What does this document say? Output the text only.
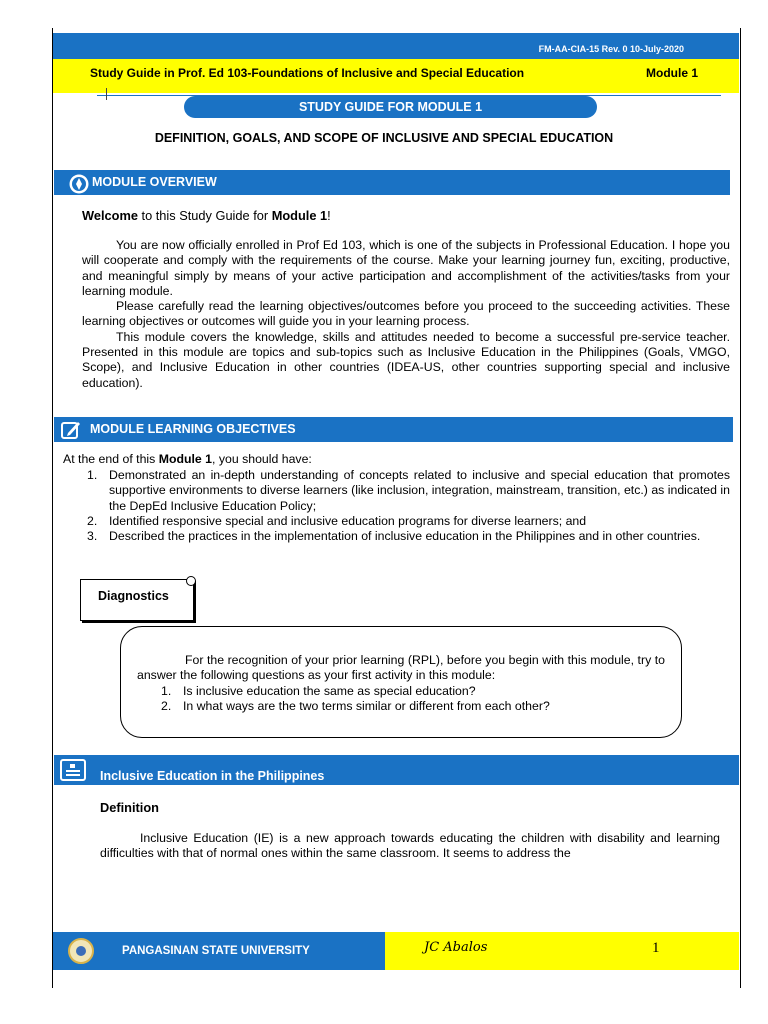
FM-AA-CIA-15 Rev. 0 10-July-2020
Study Guide in Prof. Ed 103-Foundations of Inclusive and Special Education	Module 1
STUDY GUIDE FOR MODULE 1
DEFINITION, GOALS, AND SCOPE OF INCLUSIVE AND SPECIAL EDUCATION
MODULE OVERVIEW
Welcome to this Study Guide for Module 1!
You are now officially enrolled in Prof Ed 103, which is one of the subjects in Professional Education. I hope you will cooperate and comply with the requirements of the course. Make your learning journey fun, exciting, productive, and meaningful simply by means of your active participation and accomplishment of the activities/tasks from your learning module.
Please carefully read the learning objectives/outcomes before you proceed to the succeeding activities. These learning objectives or outcomes will guide you in your learning process.
This module covers the knowledge, skills and attitudes needed to become a successful pre-service teacher. Presented in this module are topics and sub-topics such as Inclusive Education in the Philippines (Goals, VMGO, Scope), and Inclusive Education in other countries (IDEA-US, other countries supporting special and inclusive education).
MODULE LEARNING OBJECTIVES
At the end of this Module 1, you should have:
1. Demonstrated an in-depth understanding of concepts related to inclusive and special education that promotes supportive environments to diverse learners (like inclusion, integration, mainstream, transition, etc.) as indicated in the DepEd Inclusive Education Policy;
2. Identified responsive special and inclusive education programs for diverse learners; and
3. Described the practices in the implementation of inclusive education in the Philippines and in other countries.
Diagnostics
For the recognition of your prior learning (RPL), before you begin with this module, try to answer the following questions as your first activity in this module:
1. Is inclusive education the same as special education?
2. In what ways are the two terms similar or different from each other?
Inclusive Education in the Philippines
Definition
Inclusive Education (IE) is a new approach towards educating the children with disability and learning difficulties with that of normal ones within the same classroom. It seems to address the
PANGASINAN STATE UNIVERSITY	JC Abalos	1
